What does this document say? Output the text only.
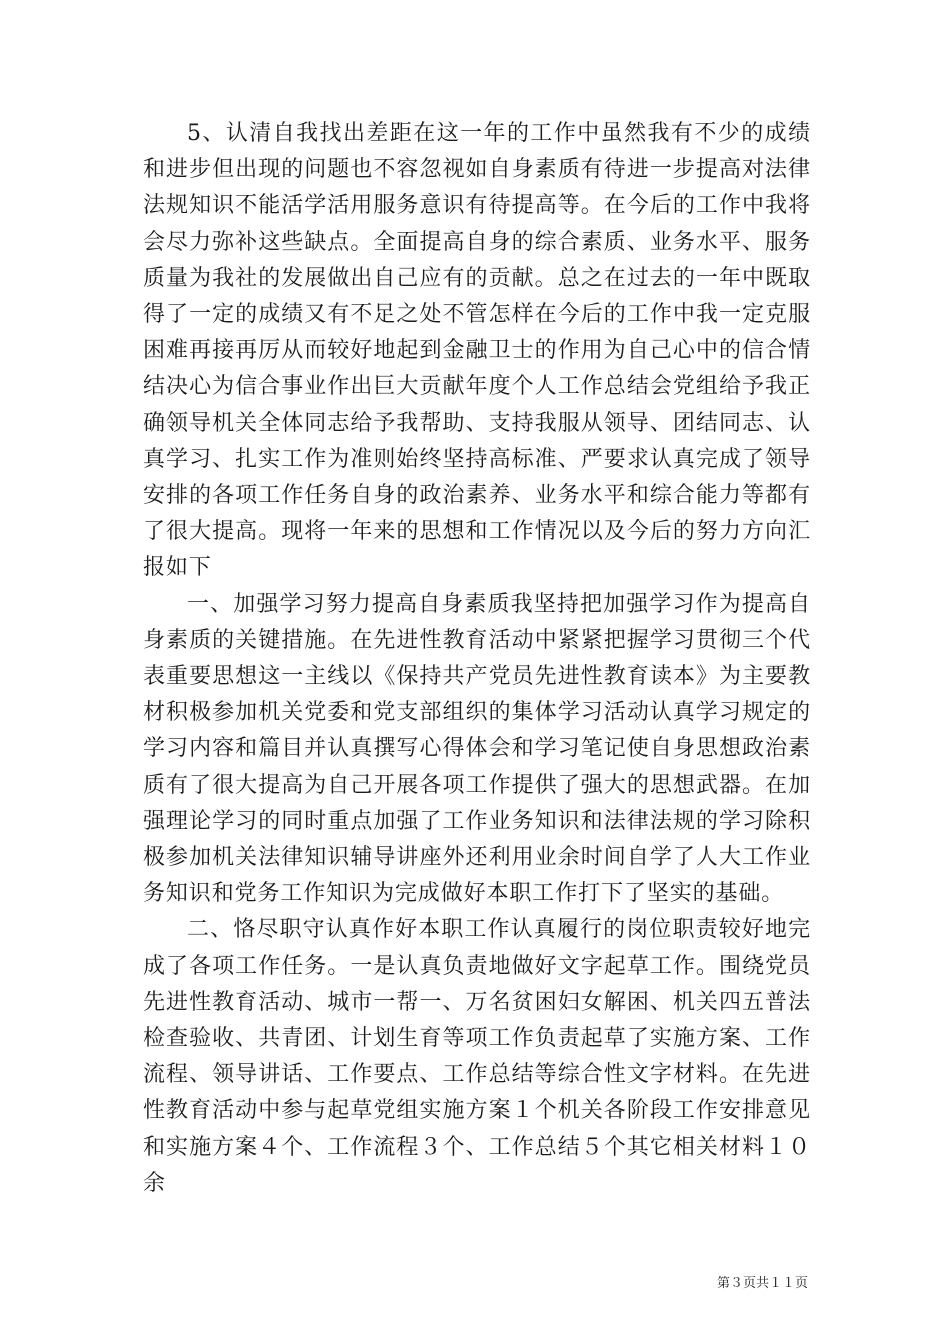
5、认清自我找出差距在这一年的工作中虽然我有不少的成绩和进步但出现的问题也不容忽视如自身素质有待进一步提高对法律法规知识不能活学活用服务意识有待提高等。在今后的工作中我将会尽力弥补这些缺点。全面提高自身的综合素质、业务水平、服务质量为我社的发展做出自己应有的贡献。总之在过去的一年中既取得了一定的成绩又有不足之处不管怎样在今后的工作中我一定克服困难再接再厉从而较好地起到金融卫士的作用为自己心中的信合情结决心为信合事业作出巨大贡献年度个人工作总结会党组给予我正确领导机关全体同志给予我帮助、支持我服从领导、团结同志、认真学习、扎实工作为准则始终坚持高标准、严要求认真完成了领导安排的各项工作任务自身的政治素养、业务水平和综合能力等都有了很大提高。现将一年来的思想和工作情况以及今后的努力方向汇报如下

一、加强学习努力提高自身素质我坚持把加强学习作为提高自身素质的关键措施。在先进性教育活动中紧紧把握学习贯彻三个代表重要思想这一主线以《保持共产党员先进性教育读本》为主要教材积极参加机关党委和党支部组织的集体学习活动认真学习规定的学习内容和篇目并认真撰写心得体会和学习笔记使自身思想政治素质有了很大提高为自己开展各项工作提供了强大的思想武器。在加强理论学习的同时重点加强了工作业务知识和法律法规的学习除积极参加机关法律知识辅导讲座外还利用业余时间自学了人大工作业务知识和党务工作知识为完成做好本职工作打下了坚实的基础。

二、恪尽职守认真作好本职工作认真履行的岗位职责较好地完成了各项工作任务。一是认真负责地做好文字起草工作。围绕党员先进性教育活动、城市一帮一、万名贫困妇女解困、机关四五普法检查验收、共青团、计划生育等项工作负责起草了实施方案、工作流程、领导讲话、工作要点、工作总结等综合性文字材料。在先进性教育活动中参与起草党组实施方案１个机关各阶段工作安排意见和实施方案４个、工作流程３个、工作总结５个其它相关材料１０余

第３页共１１页
